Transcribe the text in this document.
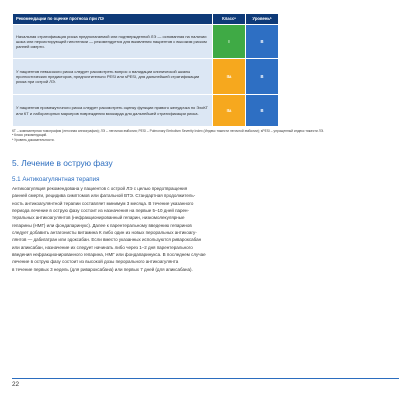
Рекомендации по оценке прогноза при ЛЭ	Классᵃ	Уровеньᵇ
Начальная стратификация риска предполагаемой или подтвержденной ЛЭ — основанная на наличии шока или персистирующей гипотензии — рекомендуется для выявления пациентов с высоким риском ранней смерти.	I	B
У пациентов невысокого риска следует рассмотреть вопрос о валидации клинической шкалы прогностических предикторов, предпочтительно PESI или sPESI, для дальнейшей стратификации риска при острой ЛЭ.	IIa	B
У пациентов промежуточного риска следует рассмотреть оценку функции правого желудочка по ЭхоКГ или КТ и лабораторных маркеров повреждения миокарда для дальнейшей стратификации риска.	IIa	B
КТ – компьютерная томография (легочная ангиография); ЛЭ – легочная эмболия; PESI – Pulmonary Embolism Severity Index (Индекс тяжести легочной эмболии); sPESI – упрощенный индекс тяжести ЛЭ.
ᵃ Класс рекомендаций.
ᵇ Уровень доказательности.
5. Лечение в острую фазу
5.1 Антикоагулянтная терапия

Антикоагуляция рекомендована у пациентов с острой ЛЭ с целью предотвращения
ранней смерти, рецидива симптомов или фатальной ВТЭ. Стандартная продолжитель-
ность антикоагулянтной терапии составляет минимум 3 месяца. В течение указанного
периода лечение в острую фазу состоит из назначения на первые 5–10 дней парен-
теральных антикоагулянтов (нефракционированный гепарин, низкомолекулярные
гепарины (НМГ) или фондапаринукс). Далее к парентеральному введению гепаринов
следует добавить антагонисты витамина К либо один из новых пероральных антикоагу-
лянтов — дабигатран или эдоксабан. Если вместо указанных используются ривароксабан
или апиксабан, назначение их следует начинать либо через 1–2 дня парентерального
введения нефракционированного гепарина, НМГ или фондапаринукса. В последнем случае
лечение в острую фазу состоит из высокой дозы перорального антикоагулянта
в течение первых 3 недель (для ривароксабана) или первых 7 дней (для апиксабана).

22
